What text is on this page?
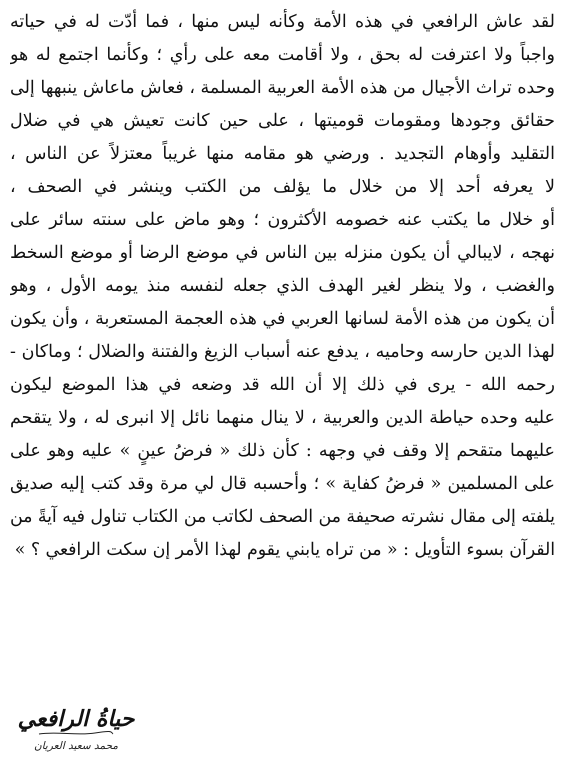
لقد عاش الرافعي في هذه الأمة وكأنه ليس منها ، فما أدّت له في حياته
واجباً ولا اعترفت له بحق ، ولا أقامت معه على رأي ؛ وكأنما اجتمع له هو
وحده تراث الأجيال من هذه الأمة العربية المسلمة ، فعاش ماعاش ينبهها إلى
حقائق وجودها ومقومات قوميتها ، على حين كانت تعيش هي في ضلال
التقليد وأوهام التجديد . ورضي هو مقامه منها غريباً معتزلاً عن الناس ،
لا يعرفه أحد إلا من خلال ما يؤلف من الكتب وينشر في الصحف ،
أو خلال ما يكتب عنه خصومه الأكثرون ؛ وهو ماض على سنته سائر على
نهجه ، لايبالي أن يكون منزله بين الناس في موضع الرضا أو موضع السخط
والغضب ، ولا ينظر لغير الهدف الذي جعله لنفسه منذ يومه الأول ، وهو
أن يكون من هذه الأمة لسانها العربي في هذه العجمة المستعربة ، وأن يكون
لهذا الدين حارسه وحاميه ، يدفع عنه أسباب الزيغ والفتنة والضلال ؛ وماكان -
رحمه الله - يرى في ذلك إلا أن الله قد وضعه في هذا الموضع ليكون
عليه وحده حياطة الدين والعربية ، لا ينال منهما نائل إلا انبرى له ، ولا يتقحم
عليهما متقحم إلا وقف في وجهه : كأن ذلك « فرضُ عينٍ » عليه وهو على
على المسلمين « فرضُ كفاية » ؛ وأحسبه قال لي مرة وقد كتب إليه صديق
يلفته إلى مقال نشرته صحيفة من الصحف لكاتب من الكتاب تناول فيه آيةً من
القرآن بسوء التأويل : « من تراه يابني يقوم لهذا الأمر إن سكت الرافعي ؟ »
حياةُ الرافعي
محمد سعيد العريان
